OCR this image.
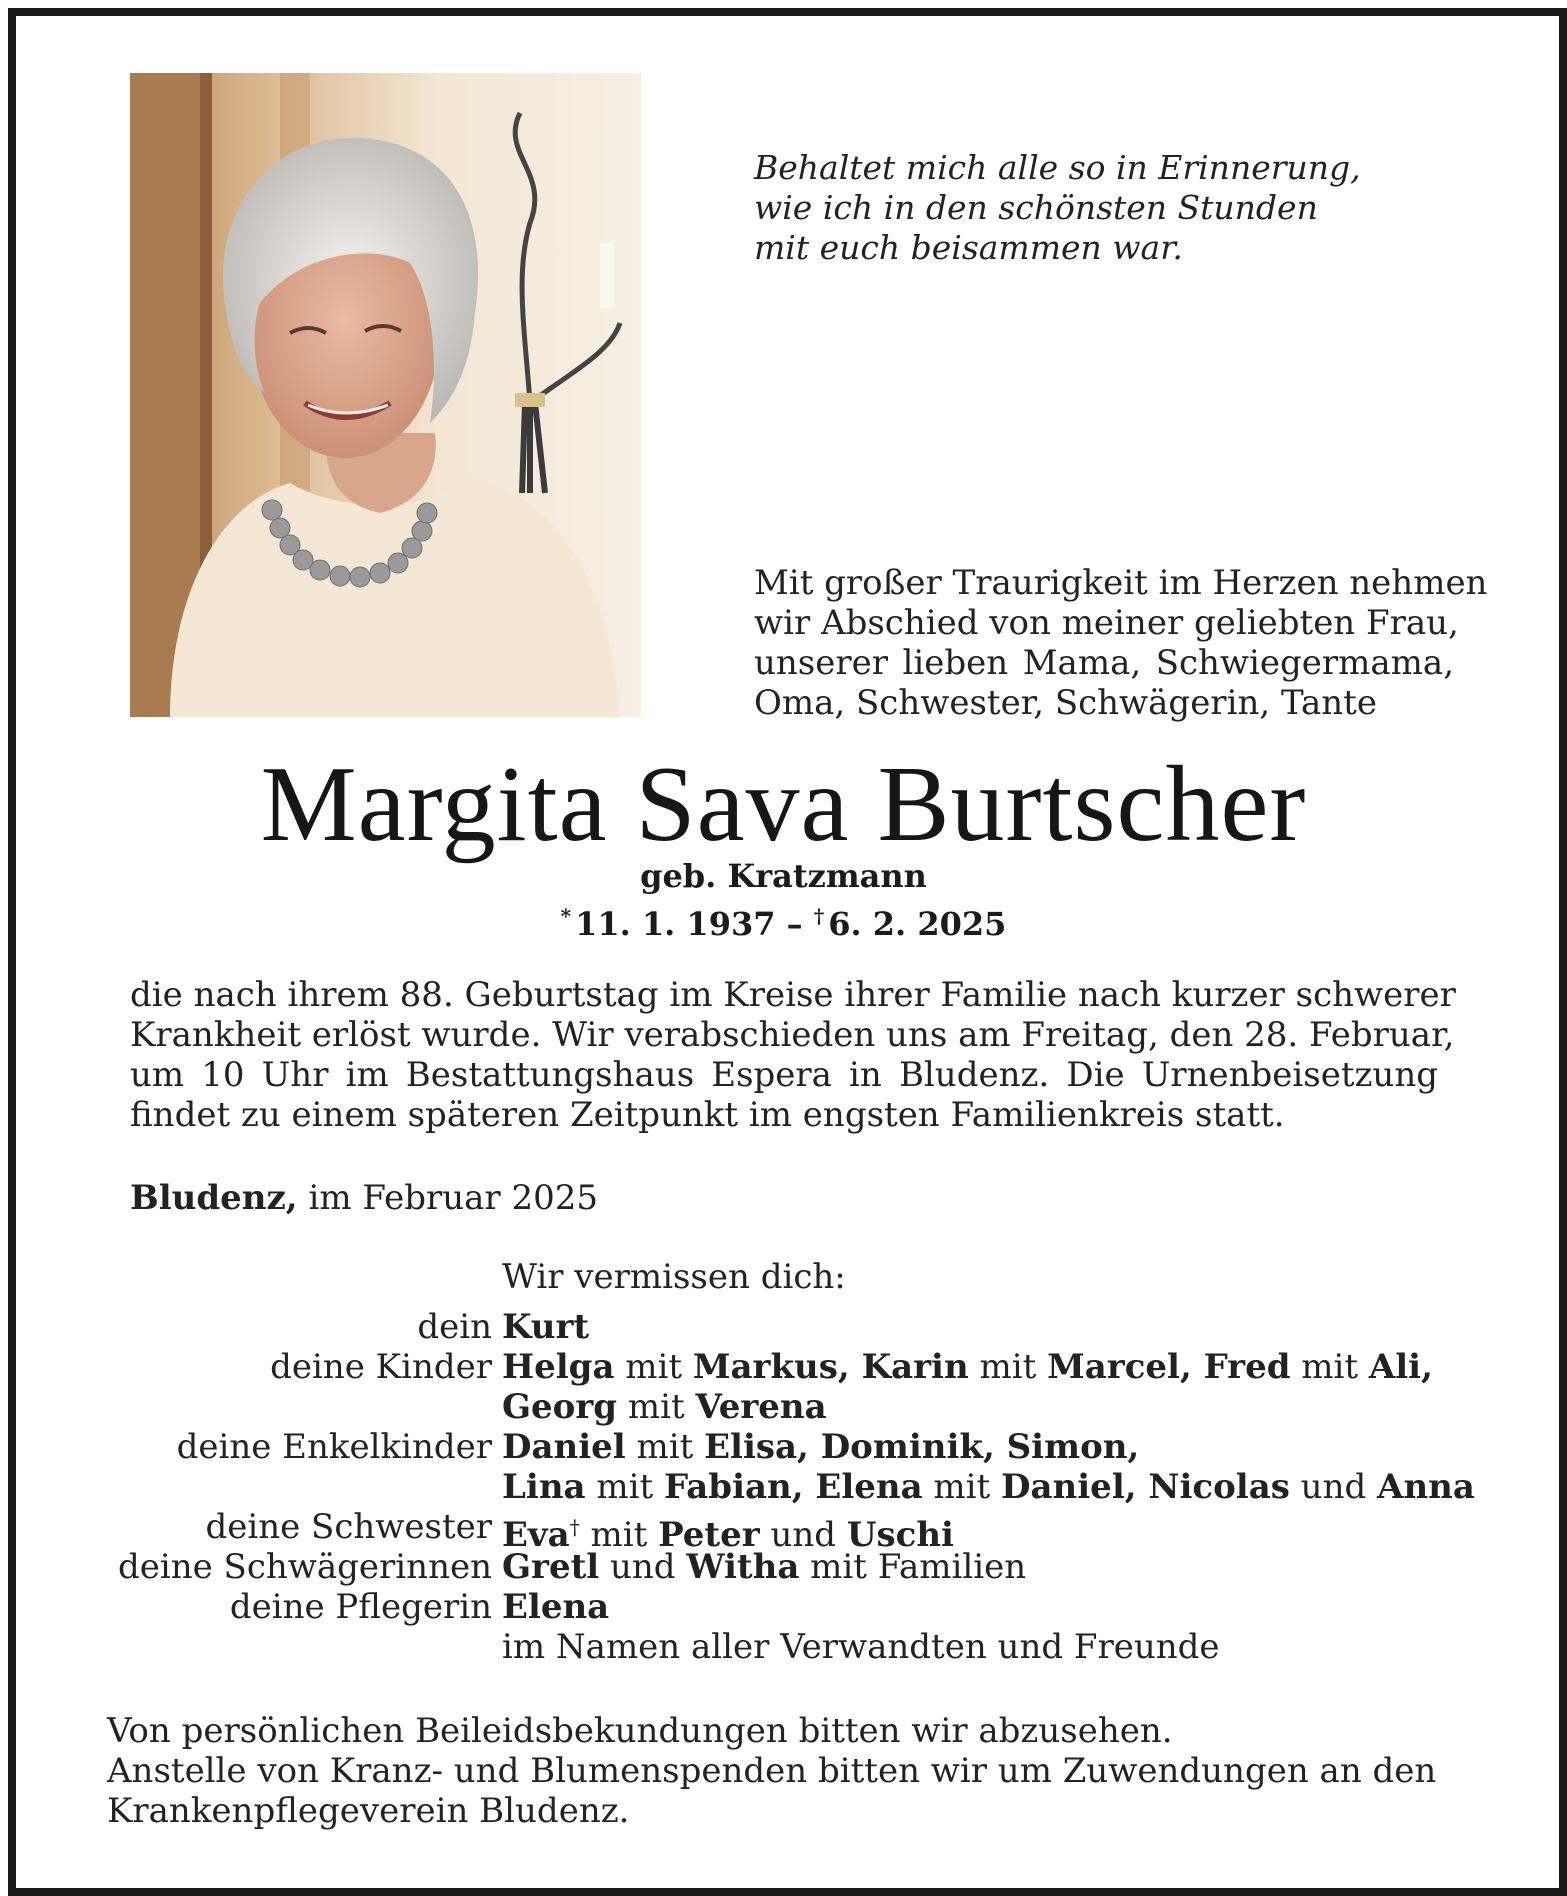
Behaltet mich alle so in Erinnerung,
wie ich in den schönsten Stunden
mit euch beisammen war.
Mit großer Traurigkeit im Herzen nehmen
wir Abschied von meiner geliebten Frau,
unserer lieben Mama, Schwiegermama,
Oma, Schwester, Schwägerin, Tante
Margita Sava Burtscher
geb. Kratzmann
* 11. 1. 1937 – † 6. 2. 2025
die nach ihrem 88. Geburtstag im Kreise ihrer Familie nach kurzer schwerer
Krankheit erlöst wurde. Wir verabschieden uns am Freitag, den 28. Februar,
um 10 Uhr im Bestattungshaus Espera in Bludenz. Die Urnenbeisetzung
findet zu einem späteren Zeitpunkt im engsten Familienkreis statt.
Bludenz, im Februar 2025
Wir vermissen dich:
dein Kurt
deine Kinder Helga mit Markus, Karin mit Marcel, Fred mit Ali,
Georg mit Verena
deine Enkelkinder Daniel mit Elisa, Dominik, Simon,
Lina mit Fabian, Elena mit Daniel, Nicolas und Anna
deine Schwester Eva† mit Peter und Uschi
deine Schwägerinnen Gretl und Witha mit Familien
deine Pflegerin Elena
im Namen aller Verwandten und Freunde
Von persönlichen Beileidsbekundungen bitten wir abzusehen.
Anstelle von Kranz- und Blumenspenden bitten wir um Zuwendungen an den
Krankenpflegeverein Bludenz.
